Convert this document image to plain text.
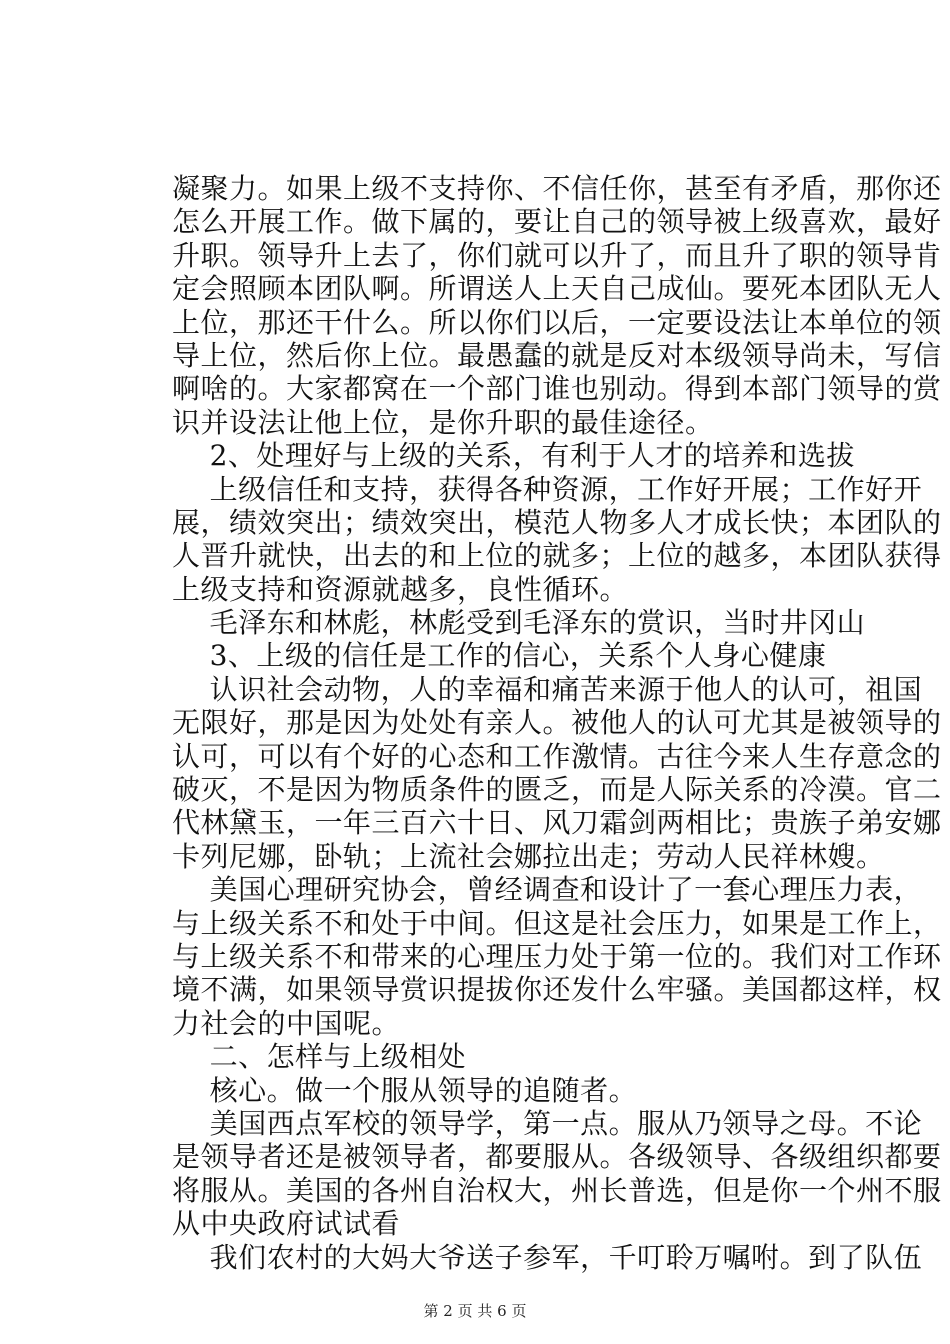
凝聚力。如果上级不支持你、不信任你，甚至有矛盾，那你还
怎么开展工作。做下属的，要让自己的领导被上级喜欢，最好
升职。领导升上去了，你们就可以升了，而且升了职的领导肯
定会照顾本团队啊。所谓送人上天自己成仙。要死本团队无人
上位，那还干什么。所以你们以后，一定要设法让本单位的领
导上位，然后你上位。最愚蠢的就是反对本级领导尚未，写信
啊啥的。大家都窝在一个部门谁也别动。得到本部门领导的赏
识并设法让他上位，是你升职的最佳途径。
2、处理好与上级的关系，有利于人才的培养和选拔
上级信任和支持，获得各种资源，工作好开展；工作好开
展，绩效突出；绩效突出，模范人物多人才成长快；本团队的
人晋升就快，出去的和上位的就多；上位的越多，本团队获得
上级支持和资源就越多，良性循环。
毛泽东和林彪，林彪受到毛泽东的赏识，当时井冈山
3、上级的信任是工作的信心，关系个人身心健康
认识社会动物，人的幸福和痛苦来源于他人的认可，祖国
无限好，那是因为处处有亲人。被他人的认可尤其是被领导的
认可，可以有个好的心态和工作激情。古往今来人生存意念的
破灭，不是因为物质条件的匮乏，而是人际关系的冷漠。官二
代林黛玉，一年三百六十日、风刀霜剑两相比；贵族子弟安娜
卡列尼娜，卧轨；上流社会娜拉出走；劳动人民祥林嫂。
美国心理研究协会，曾经调查和设计了一套心理压力表，
与上级关系不和处于中间。但这是社会压力，如果是工作上，
与上级关系不和带来的心理压力处于第一位的。我们对工作环
境不满，如果领导赏识提拔你还发什么牢骚。美国都这样，权
力社会的中国呢。
二、怎样与上级相处
核心。做一个服从领导的追随者。
美国西点军校的领导学，第一点。服从乃领导之母。不论
是领导者还是被领导者，都要服从。各级领导、各级组织都要
将服从。美国的各州自治权大，州长普选，但是你一个州不服
从中央政府试试看
我们农村的大妈大爷送子参军，千叮聆万嘱咐。到了队伍
第 2 页 共 6 页
